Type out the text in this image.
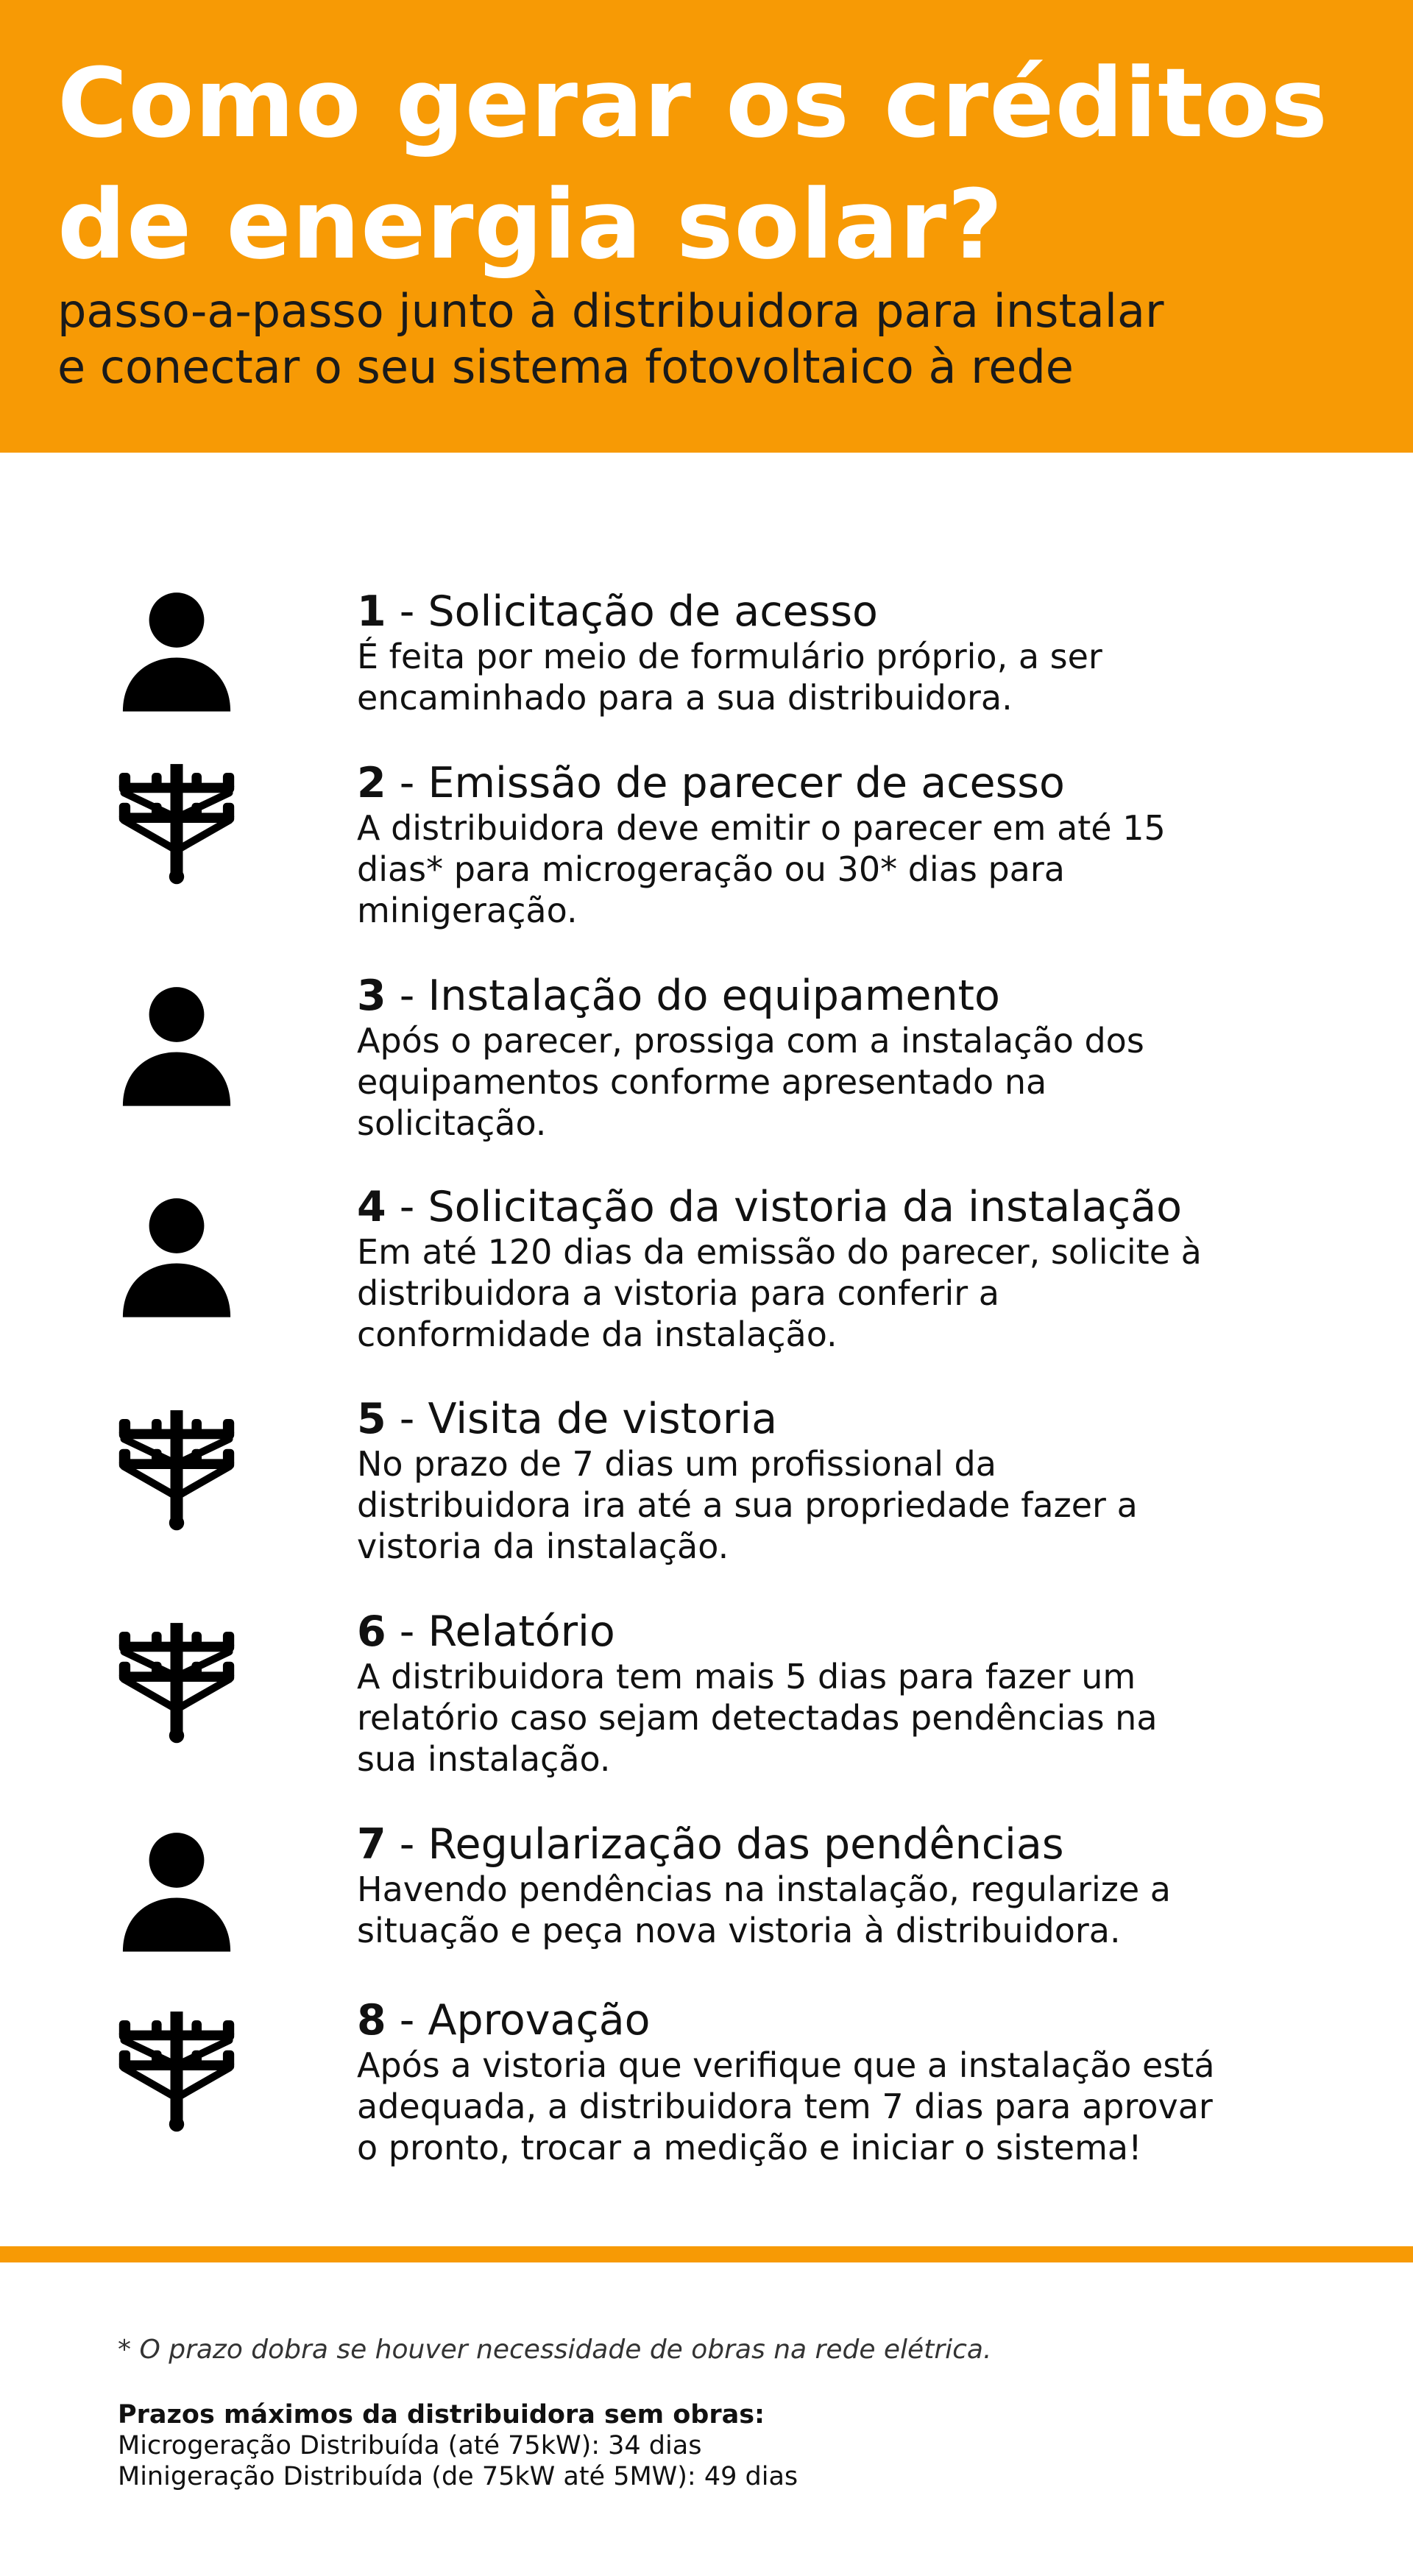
Como gerar os créditos
de energia solar?

passo-a-passo junto à distribuidora para instalar
e conectar o seu sistema fotovoltaico à rede

1 - Solicitação de acesso

É feita por meio de formulário próprio, a ser
encaminhado para a sua distribuidora.

2 - Emissão de parecer de acesso

A distribuidora deve emitir o parecer em até 15
dias* para microgeração ou 30* dias para
minigeração.

3 - Instalação do equipamento

Após o parecer, prossiga com a instalação dos
equipamentos conforme apresentado na
solicitação.

4 - Solicitação da vistoria da instalação

Em até 120 dias da emissão do parecer, solicite à
distribuidora a vistoria para conferir a
conformidade da instalação.

5 - Visita de vistoria

No prazo de 7 dias um profissional da
distribuidora ira até a sua propriedade fazer a
vistoria da instalação.

6 - Relatório

A distribuidora tem mais 5 dias para fazer um
relatório caso sejam detectadas pendências na
sua instalação.

7 - Regularização das pendências

Havendo pendências na instalação, regularize a
situação e peça nova vistoria à distribuidora.

8 - Aprovação

Após a vistoria que verifique que a instalação está
adequada, a distribuidora tem 7 dias para aprovar
o pronto, trocar a medição e iniciar o sistema!

* O prazo dobra se houver necessidade de obras na rede elétrica.

Prazos máximos da distribuidora sem obras:
Microgeração Distribuída (até 75kW): 34 dias
Minigeração Distribuída (de 75kW até 5MW): 49 dias
